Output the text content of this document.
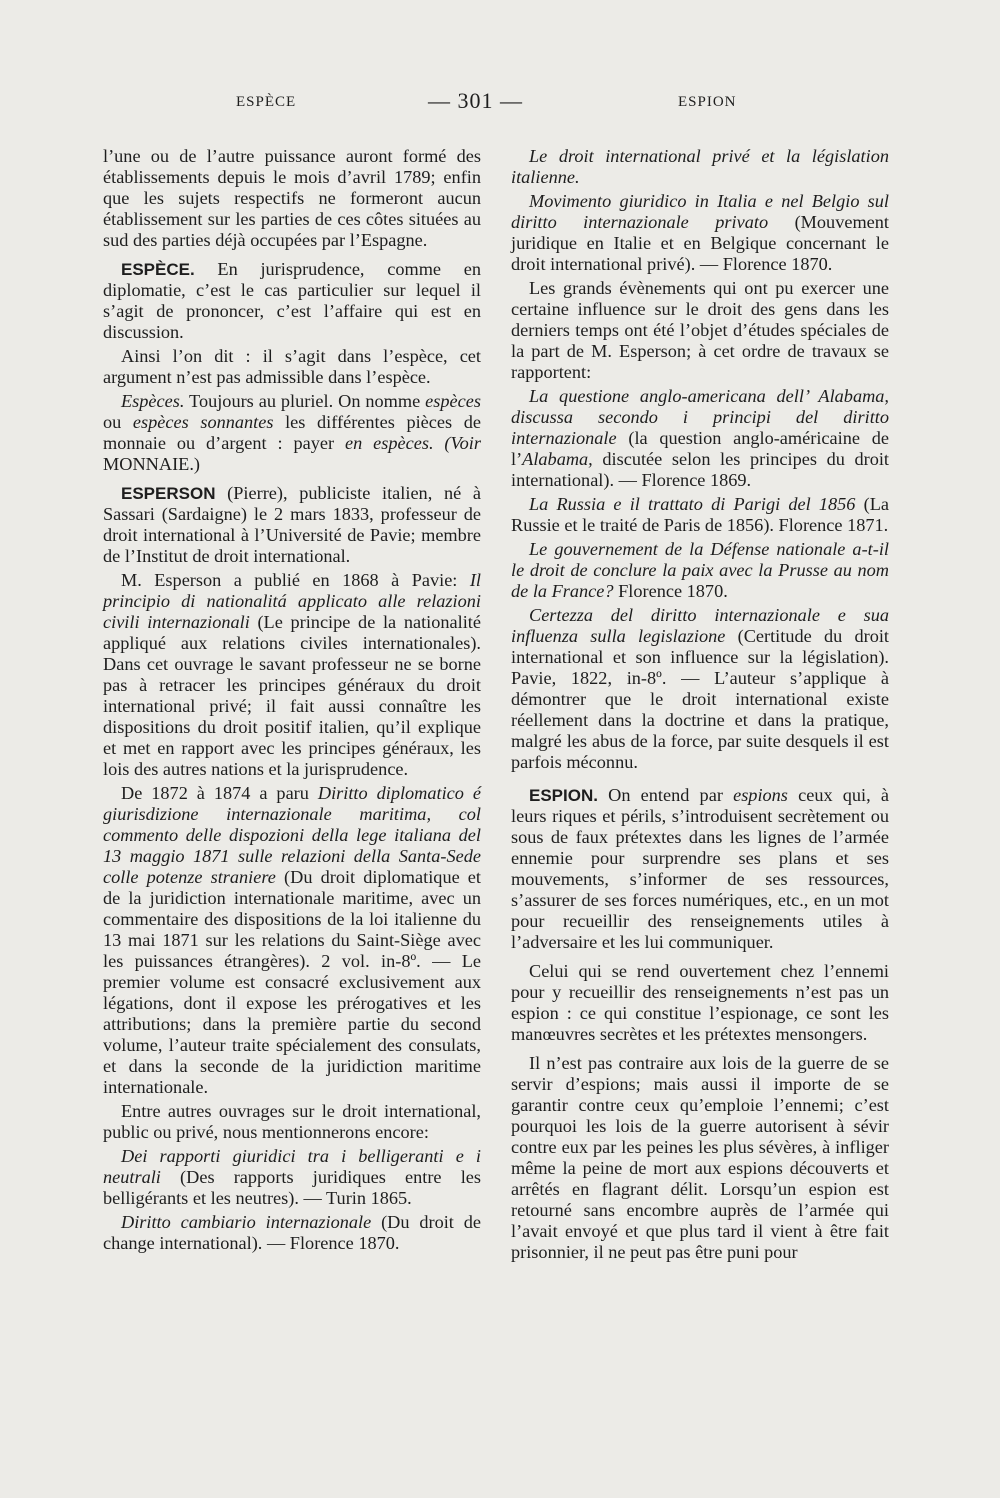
ESPÈCE	— 301 —	ESPION

l’une ou de l’autre puissance auront formé des établissements depuis le mois d’avril 1789; enfin que les sujets respectifs ne formeront aucun établissement sur les parties de ces côtes situées au sud des parties déjà occupées par l’Espagne.

ESPÈCE. En jurisprudence, comme en diplomatie, c’est le cas particulier sur lequel il s’agit de prononcer, c’est l’affaire qui est en discussion.

Ainsi l’on dit : il s’agit dans l’espèce, cet argument n’est pas admissible dans l’espèce.

Espèces. Toujours au pluriel. On nomme espèces ou espèces sonnantes les différentes pièces de monnaie ou d’argent : payer en espèces. (Voir MONNAIE.)

ESPERSON (Pierre), publiciste italien, né à Sassari (Sardaigne) le 2 mars 1833, professeur de droit international à l’Université de Pavie; membre de l’Institut de droit international.

M. Esperson a publié en 1868 à Pavie: Il principio di nationalitá applicato alle relazioni civili internazionali (Le principe de la nationalité appliqué aux relations civiles internationales). Dans cet ouvrage le savant professeur ne se borne pas à retracer les principes généraux du droit international privé; il fait aussi connaître les dispositions du droit positif italien, qu’il explique et met en rapport avec les principes généraux, les lois des autres nations et la jurisprudence.

De 1872 à 1874 a paru Diritto diplomatico é giurisdizione internazionale maritima, col commento delle dispozioni della lege italiana del 13 maggio 1871 sulle relazioni della Santa-Sede colle potenze straniere (Du droit diplomatique et de la juridiction internationale maritime, avec un commentaire des dispositions de la loi italienne du 13 mai 1871 sur les relations du Saint-Siège avec les puissances étrangères). 2 vol. in-8º. — Le premier volume est consacré exclusivement aux légations, dont il expose les prérogatives et les attributions; dans la première partie du second volume, l’auteur traite spécialement des consulats, et dans la seconde de la juridiction maritime internationale.

Entre autres ouvrages sur le droit international, public ou privé, nous mentionnerons encore:

Dei rapporti giuridici tra i belligeranti e i neutrali (Des rapports juridiques entre les belligérants et les neutres). — Turin 1865.

Diritto cambiario internazionale (Du droit de change international). — Florence 1870.

Le droit international privé et la législation italienne.

Movimento giuridico in Italia e nel Belgio sul diritto internazionale privato (Mouvement juridique en Italie et en Belgique concernant le droit international privé). — Florence 1870.

Les grands évènements qui ont pu exercer une certaine influence sur le droit des gens dans les derniers temps ont été l’objet d’études spéciales de la part de M. Esperson; à cet ordre de travaux se rapportent:

La questione anglo-americana dell’ Alabama, discussa secondo i principi del diritto internazionale (la question anglo-américaine de l’Alabama, discutée selon les principes du droit international). — Florence 1869.

La Russia e il trattato di Parigi del 1856 (La Russie et le traité de Paris de 1856). Florence 1871.

Le gouvernement de la Défense nationale a-t-il le droit de conclure la paix avec la Prusse au nom de la France? Florence 1870.

Certezza del diritto internazionale e sua influenza sulla legislazione (Certitude du droit international et son influence sur la législation). Pavie, 1822, in-8º. — L’auteur s’applique à démontrer que le droit international existe réellement dans la doctrine et dans la pratique, malgré les abus de la force, par suite desquels il est parfois méconnu.

ESPION. On entend par espions ceux qui, à leurs riques et périls, s’introduisent secrètement ou sous de faux prétextes dans les lignes de l’armée ennemie pour surprendre ses plans et ses mouvements, s’informer de ses ressources, s’assurer de ses forces numériques, etc., en un mot pour recueillir des renseignements utiles à l’adversaire et les lui communiquer.

Celui qui se rend ouvertement chez l’ennemi pour y recueillir des renseignements n’est pas un espion : ce qui constitue l’espionage, ce sont les manœuvres secrètes et les prétextes mensongers.

Il n’est pas contraire aux lois de la guerre de se servir d’espions; mais aussi il importe de se garantir contre ceux qu’emploie l’ennemi; c’est pourquoi les lois de la guerre autorisent à sévir contre eux par les peines les plus sévères, à infliger même la peine de mort aux espions découverts et arrêtés en flagrant délit. Lorsqu’un espion est retourné sans encombre auprès de l’armée qui l’avait envoyé et que plus tard il vient à être fait prisonnier, il ne peut pas être puni pour
